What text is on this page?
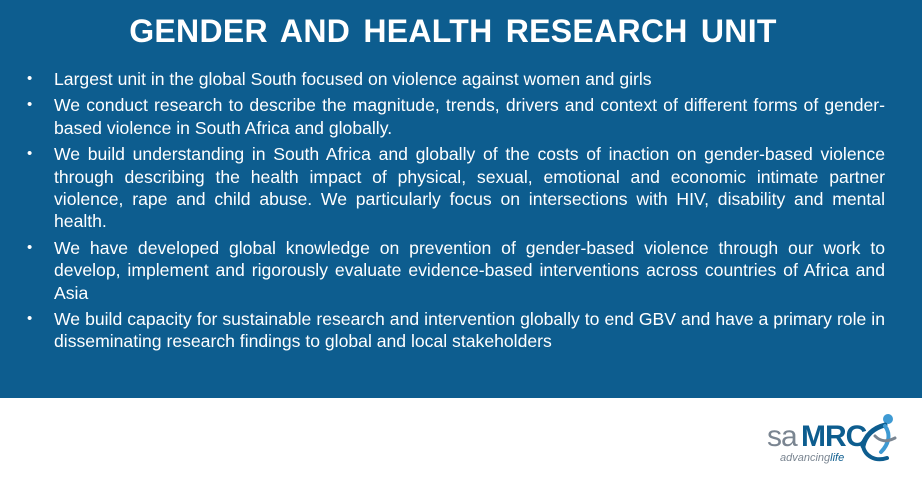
GENDER AND HEALTH RESEARCH UNIT
• Largest unit in the global South focused on violence against women and girls
• We conduct research to describe the magnitude, trends, drivers and context of different forms of gender-based violence in South Africa and globally.
• We build understanding in South Africa and globally of the costs of inaction on gender-based violence through describing the health impact of physical, sexual, emotional and economic intimate partner violence, rape and child abuse. We particularly focus on intersections with HIV, disability and mental health.
• We have developed global knowledge on prevention of gender-based violence through our work to develop, implement and rigorously evaluate evidence-based interventions across countries of Africa and Asia
• We build capacity for sustainable research and intervention globally to end GBV and have a primary role in disseminating research findings to global and local stakeholders
sa MRC
advancinglife
